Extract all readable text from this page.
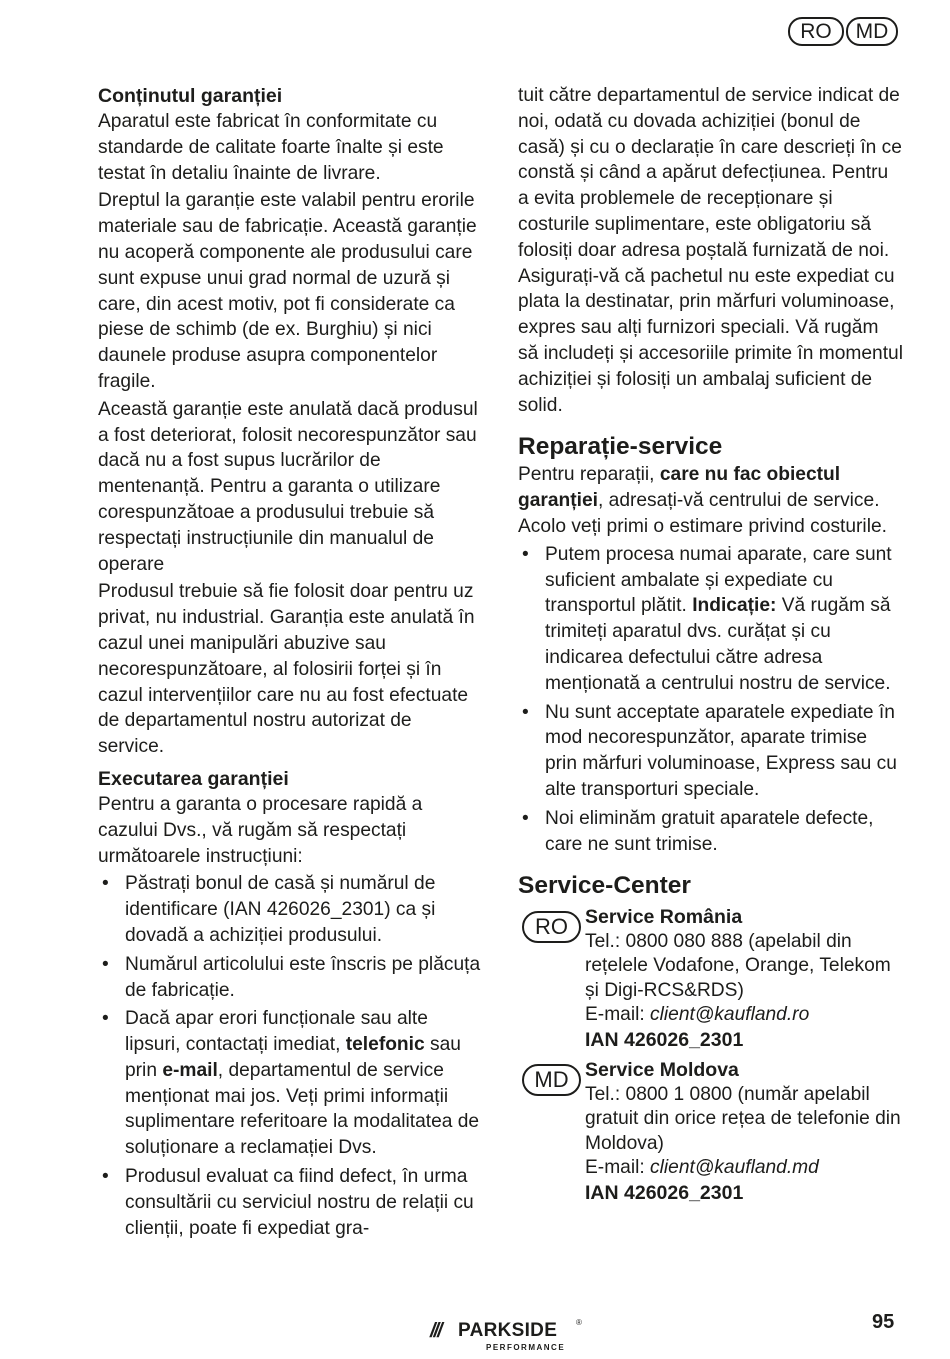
RO	MD
Conținutul garanției

Aparatul este fabricat în conformitate cu standarde de calitate foarte înalte și este testat în detaliu înainte de livrare.

Dreptul la garanție este valabil pentru erorile materiale sau de fabricație. Această garanție nu acoperă componente ale produsului care sunt expuse unui grad normal de uzură și care, din acest motiv, pot fi considerate ca piese de schimb (de ex. Burghiu) și nici daunele produse asupra componentelor fragile.

Această garanție este anulată dacă produsul a fost deteriorat, folosit necorespunzător sau dacă nu a fost supus lucrărilor de mentenanță. Pentru a garanta o utilizare corespunzătoae a produsului trebuie să respectați instrucțiunile din manualul de operare

Produsul trebuie să fie folosit doar pentru uz privat, nu industrial. Garanția este anulată în cazul unei manipulări abuzive sau necorespunzătoare, al folosirii forței și în cazul intervențiilor care nu au fost efectuate de departamentul nostru autorizat de service.

Executarea garanției

Pentru a garanta o procesare rapidă a cazului Dvs., vă rugăm să respectați următoarele instrucțiuni:

• Păstrați bonul de casă și numărul de identificare (IAN 426026_2301) ca și dovadă a achiziției produsului.
• Numărul articolului este înscris pe plăcuța de fabricație.
• Dacă apar erori funcționale sau alte lipsuri, contactați imediat, telefonic sau prin e-mail, departamentul de service menționat mai jos. Veți primi informații suplimentare referitoare la modalitatea de soluționare a reclamației Dvs.
• Produsul evaluat ca fiind defect, în urma consultării cu serviciul nostru de relații cu clienții, poate fi expediat gra-

tuit către departamentul de service indicat de noi, odată cu dovada achiziției (bonul de casă) și cu o declarație în care descrieți în ce constă și când a apărut defecțiunea. Pentru a evita problemele de recepționare și costurile suplimentare, este obligatoriu să folosiți doar adresa poștală furnizată de noi. Asigurați-vă că pachetul nu este expediat cu plata la destinatar, prin mărfuri voluminoase, expres sau alți furnizori speciali. Vă rugăm să includeți și accesoriile primite în momentul achiziției și folosiți un ambalaj suficient de solid.

Reparație-service

Pentru reparații, care nu fac obiectul garanției, adresați-vă centrului de service. Acolo veți primi o estimare privind costurile.

• Putem procesa numai aparate, care sunt suficient ambalate și expediate cu transportul plătit. Indicație: Vă rugăm să trimiteți aparatul dvs. curățat și cu indicarea defectului către adresa menționată a centrului nostru de service.
• Nu sunt acceptate aparatele expediate în mod necorespunzător, aparate trimise prin mărfuri voluminoase, Express sau cu alte transporturi speciale.
• Noi eliminăm gratuit aparatele defecte, care ne sunt trimise.
Service-Center
RO Service România
Tel.: 0800 080 888 (apelabil din rețelele Vodafone, Orange, Telekom și Digi-RCS&RDS)
E-mail: client@kaufland.ro
IAN 426026_2301
MD Service Moldova
Tel.: 0800 1 0800 (număr apelabil gratuit din orice rețea de telefonie din Moldova)
E-mail: client@kaufland.md
IAN 426026_2301
/// PARKSIDE ®
PERFORMANCE
95
